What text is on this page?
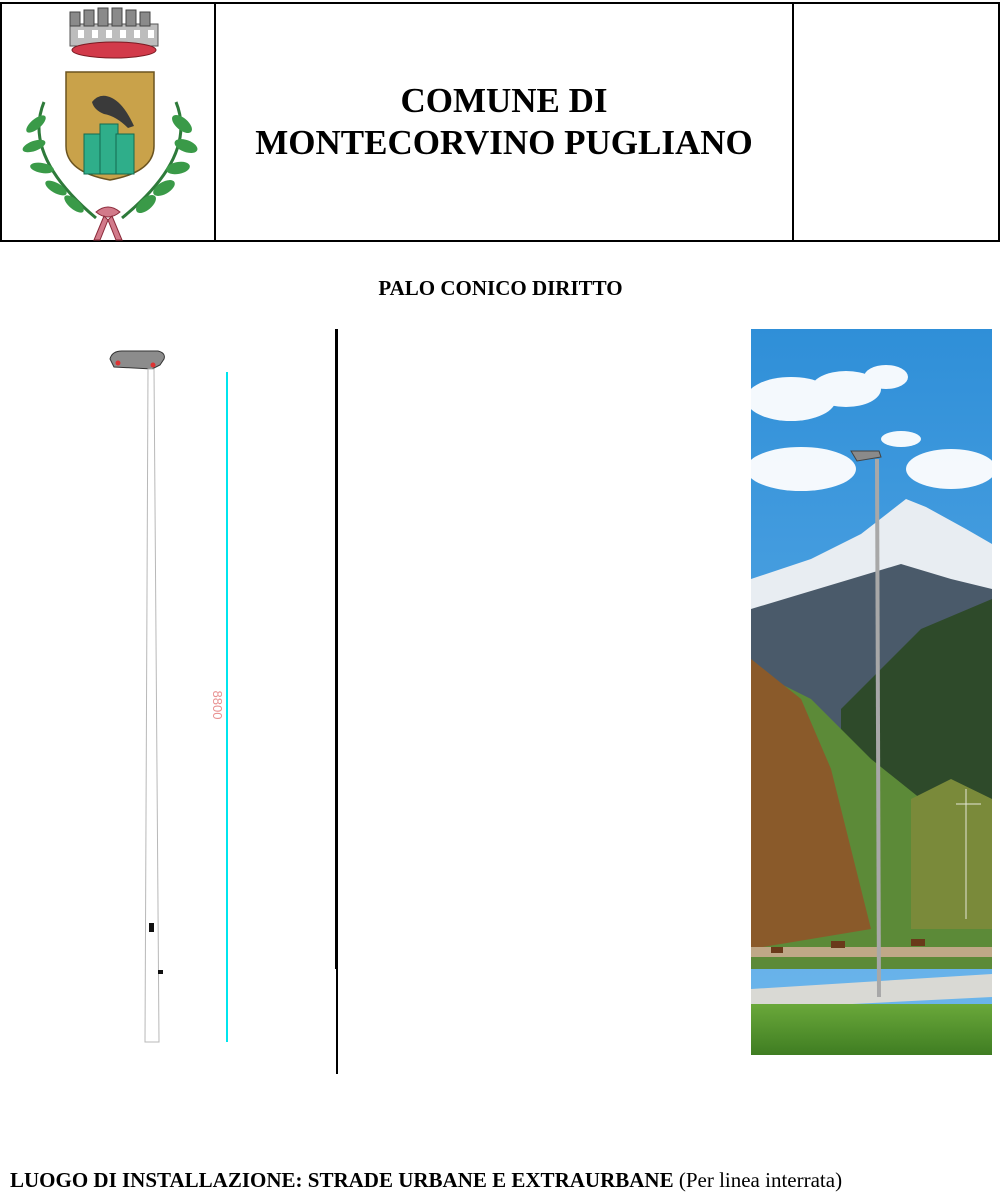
COMUNE DI
MONTECORVINO PUGLIANO
PALO CONICO DIRITTO
8800
LUOGO DI INSTALLAZIONE: STRADE URBANE E EXTRAURBANE (Per linea interrata)
